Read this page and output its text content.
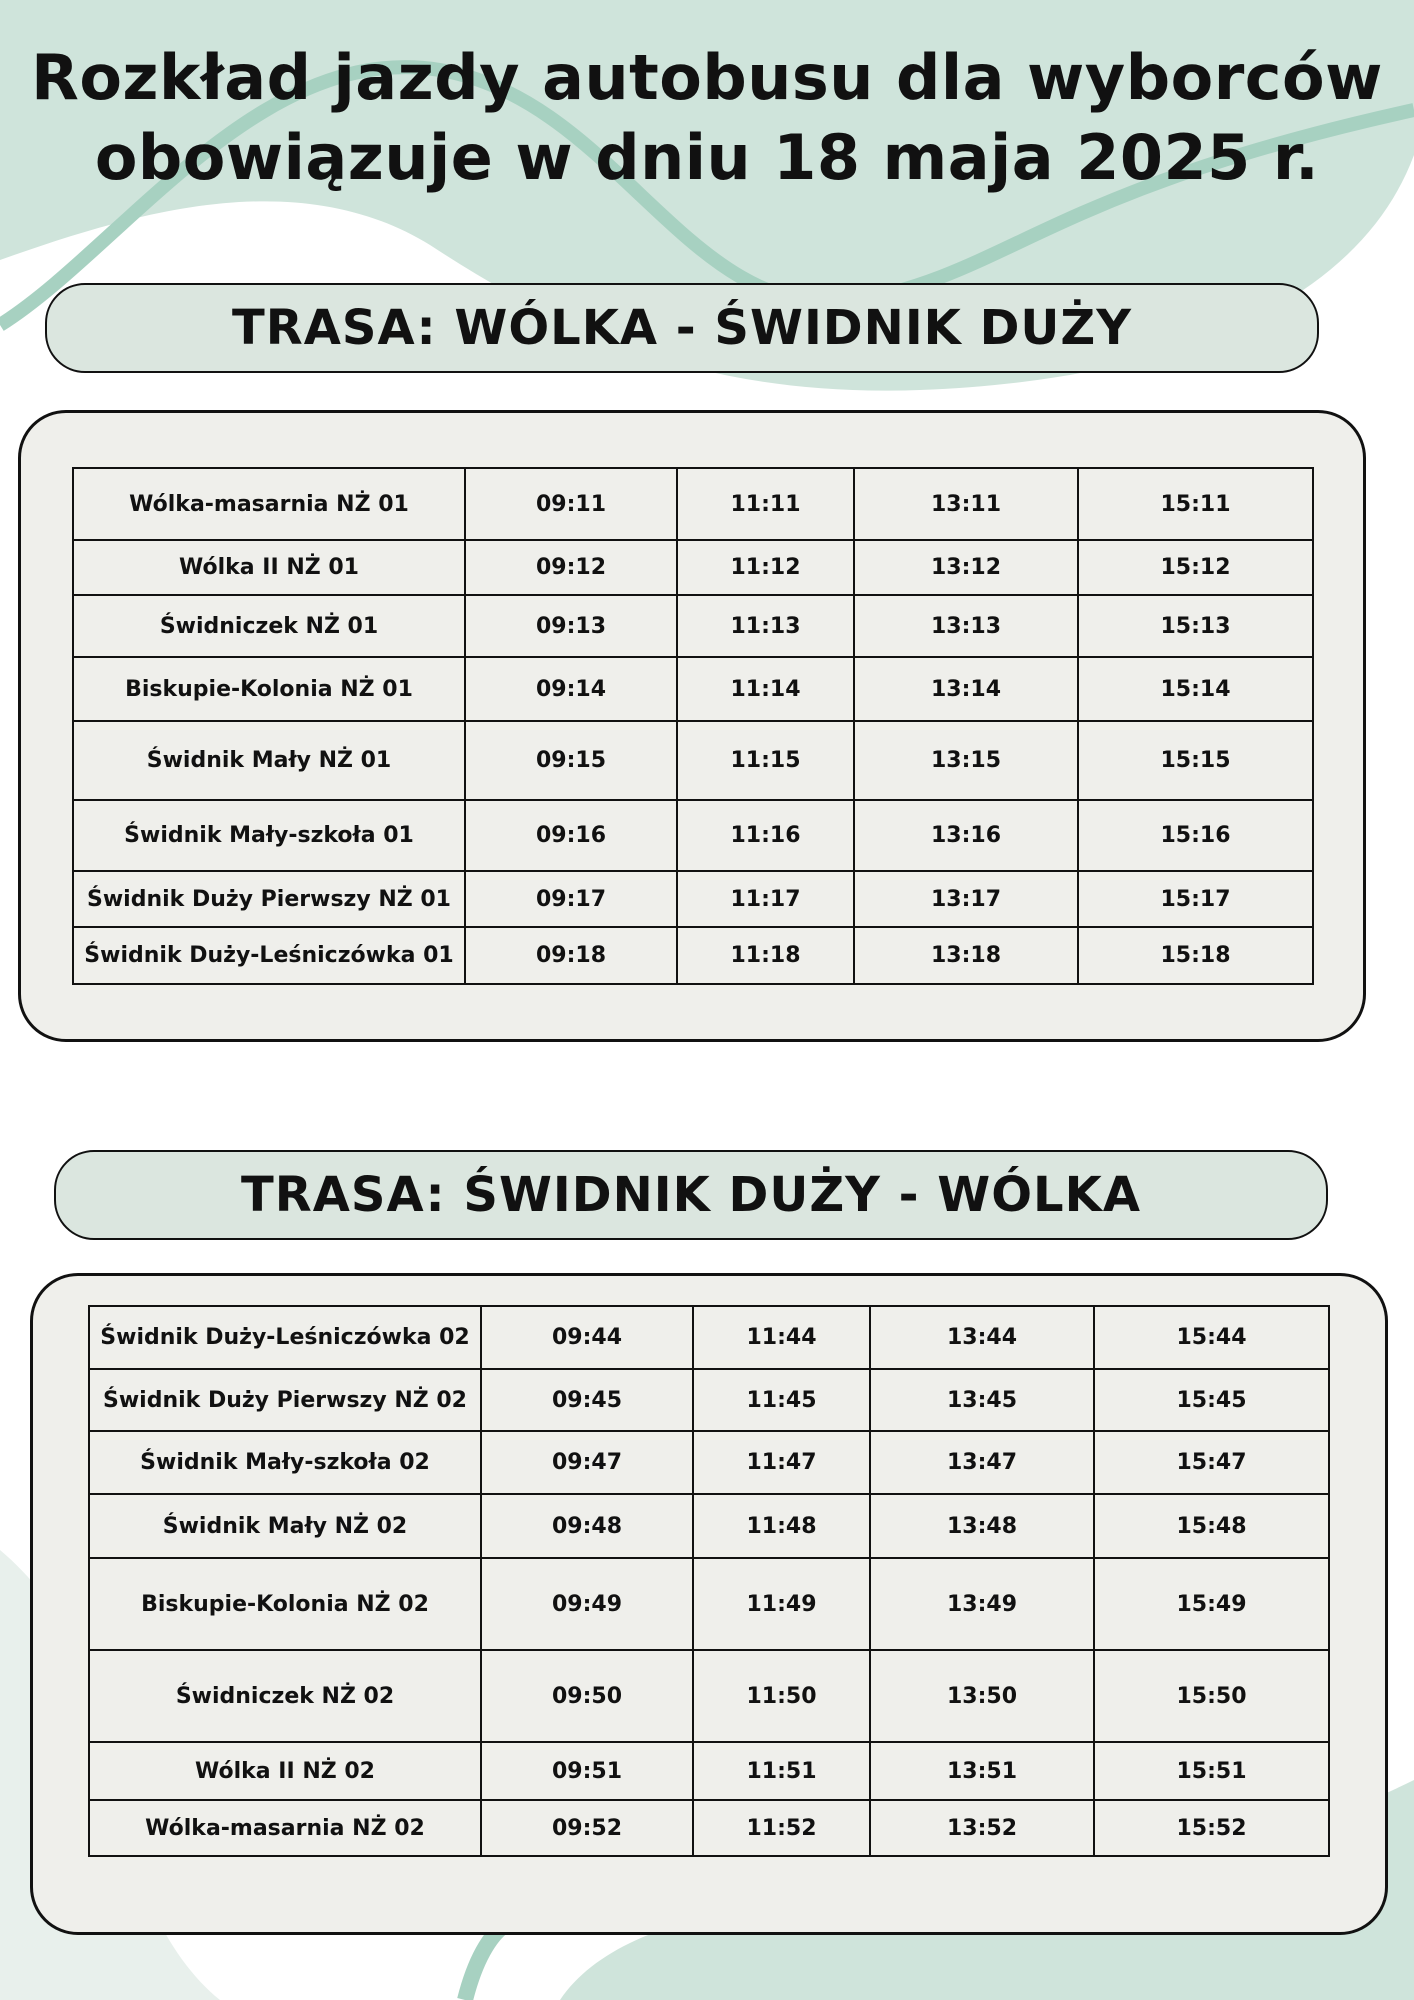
Rozkład jazdy autobusu dla wyborców
obowiązuje w dniu 18 maja 2025 r.
TRASA: WÓLKA - ŚWIDNIK DUŻY
Wólka-masarnia NŻ 01	09:11	11:11	13:11	15:11
Wólka II NŻ 01	09:12	11:12	13:12	15:12
Świdniczek NŻ 01	09:13	11:13	13:13	15:13
Biskupie-Kolonia NŻ 01	09:14	11:14	13:14	15:14
Świdnik Mały NŻ 01	09:15	11:15	13:15	15:15
Świdnik Mały-szkoła 01	09:16	11:16	13:16	15:16
Świdnik Duży Pierwszy NŻ 01	09:17	11:17	13:17	15:17
Świdnik Duży-Leśniczówka 01	09:18	11:18	13:18	15:18
TRASA: ŚWIDNIK DUŻY - WÓLKA
Świdnik Duży-Leśniczówka 02	09:44	11:44	13:44	15:44
Świdnik Duży Pierwszy NŻ 02	09:45	11:45	13:45	15:45
Świdnik Mały-szkoła 02	09:47	11:47	13:47	15:47
Świdnik Mały NŻ 02	09:48	11:48	13:48	15:48
Biskupie-Kolonia NŻ 02	09:49	11:49	13:49	15:49
Świdniczek NŻ 02	09:50	11:50	13:50	15:50
Wólka II NŻ 02	09:51	11:51	13:51	15:51
Wólka-masarnia NŻ 02	09:52	11:52	13:52	15:52
